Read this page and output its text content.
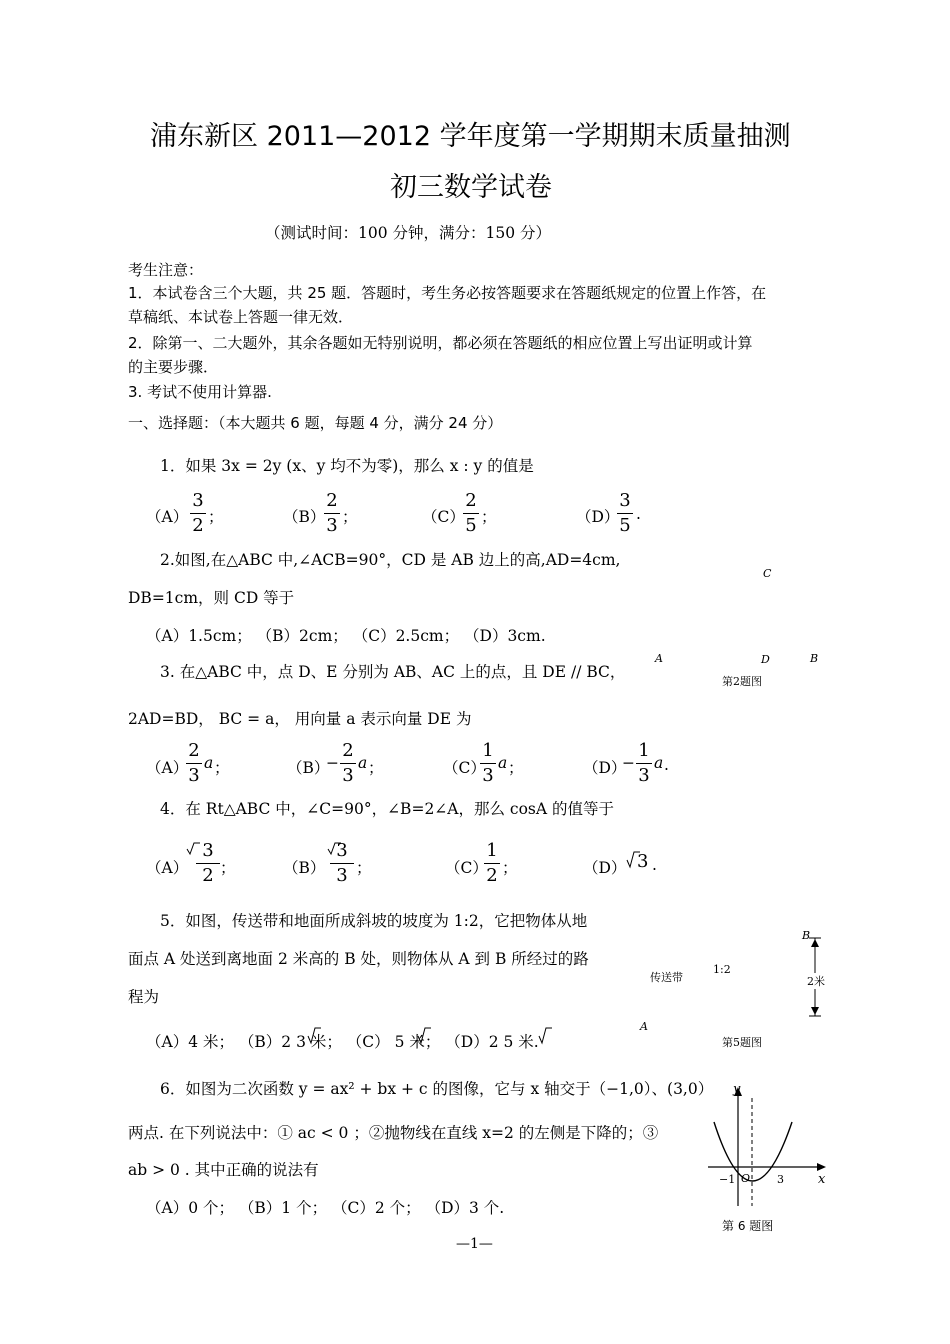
浦东新区 2011—2012 学年度第一学期期末质量抽测
初三数学试卷
（测试时间：100 分钟，满分：150 分）
考生注意：
1．本试卷含三个大题，共 25 题．答题时，考生务必按答题要求在答题纸规定的位置上作答，在
草稿纸、本试卷上答题一律无效．
2．除第一、二大题外，其余各题如无特别说明，都必须在答题纸的相应位置上写出证明或计算
的主要步骤．
3. 考试不使用计算器.
一、选择题：（本大题共 6 题，每题 4 分，满分 24 分）
1．如果 3x = 2y (x、y 均不为零)，那么 x : y 的值是
（A）
3
2 ；	（B）
2
3 ；	（C）
2
5 ；	（D）
3
5
.
2.如图,在△ABC 中,∠ACB=90°，CD 是 AB 边上的高,AD=4cm,
DB=1cm，则 CD 等于
（A）1.5cm； （B）2cm； （C）2.5cm； （D）3cm.
C
A	D	B
第2题图
3. 在△ABC 中，点 D、E 分别为 AB、AC 上的点，且 DE // BC，
2AD=BD， BC = a， 用向量 a 表示向量 DE 为
（A）
2
3
a ；	（B）
−
2
3
a ；	（C）
1
3
a ；	（D）
−
1
3
a .
4．在 Rt△ABC 中，∠C=90°，∠B=2∠A，那么 cosA 的值等于
（A）
3
2 ；	（B）
3
3 ；	（C）
1
2 ；	（D） 3 .
5．如图，传送带和地面所成斜坡的坡度为 1:2，它把物体从地
面点 A 处送到离地面 2 米高的 B 处，则物体从 A 到 B 所经过的路
程为
（A）4 米； （B）2 3 米； （C） 5 米； （D）2 5 米.
B
2米
传送带
1:2
A
第5题图
6．如图为二次函数 y = ax² + bx + c 的图像，它与 x 轴交于（−1,0）、(3,0）
两点. 在下列说法中：① ac < 0 ；②抛物线在直线 x=2 的左侧是下降的；③
ab > 0 . 其中正确的说法有
（A）0 个； （B）1 个； （C）2 个； （D）3 个.
y
x
−1 O 3
第 6 题图
—1—
